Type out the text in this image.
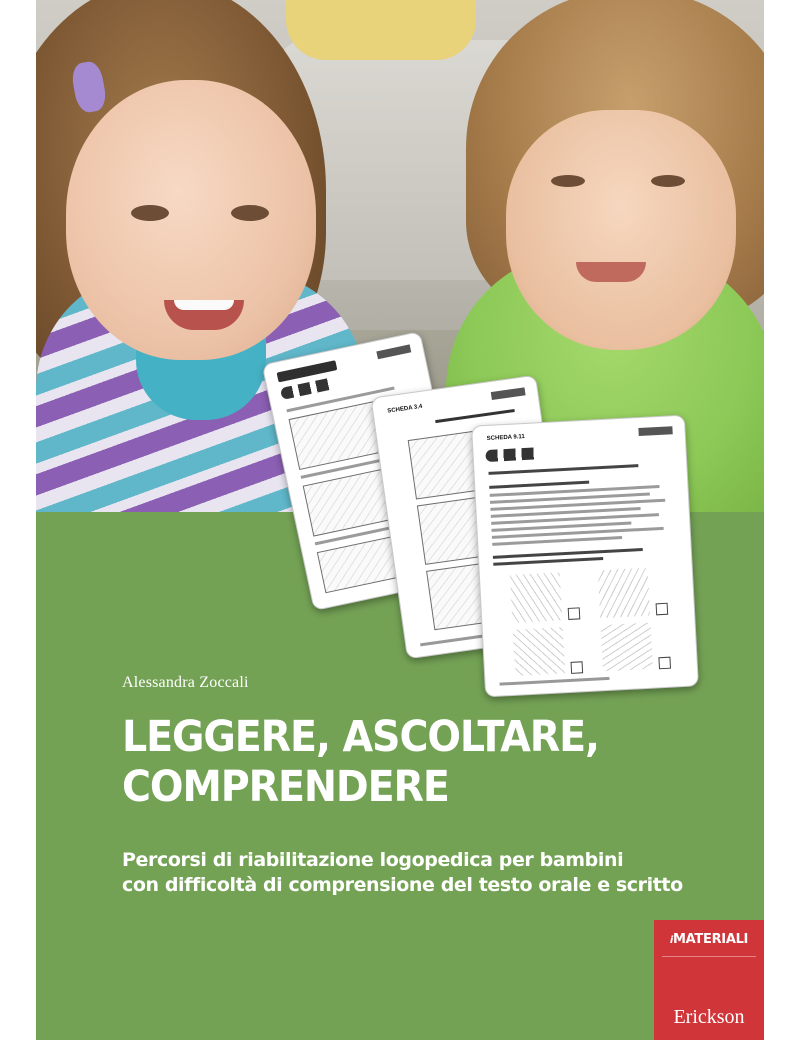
SCHEDA 3.4
SCHEDA 9.11
Alessandra Zoccali
LEGGERE, ASCOLTARE,
COMPRENDERE
Percorsi di riabilitazione logopedica per bambini
con difficoltà di comprensione del testo orale e scritto
iMATERIALI
Erickson
